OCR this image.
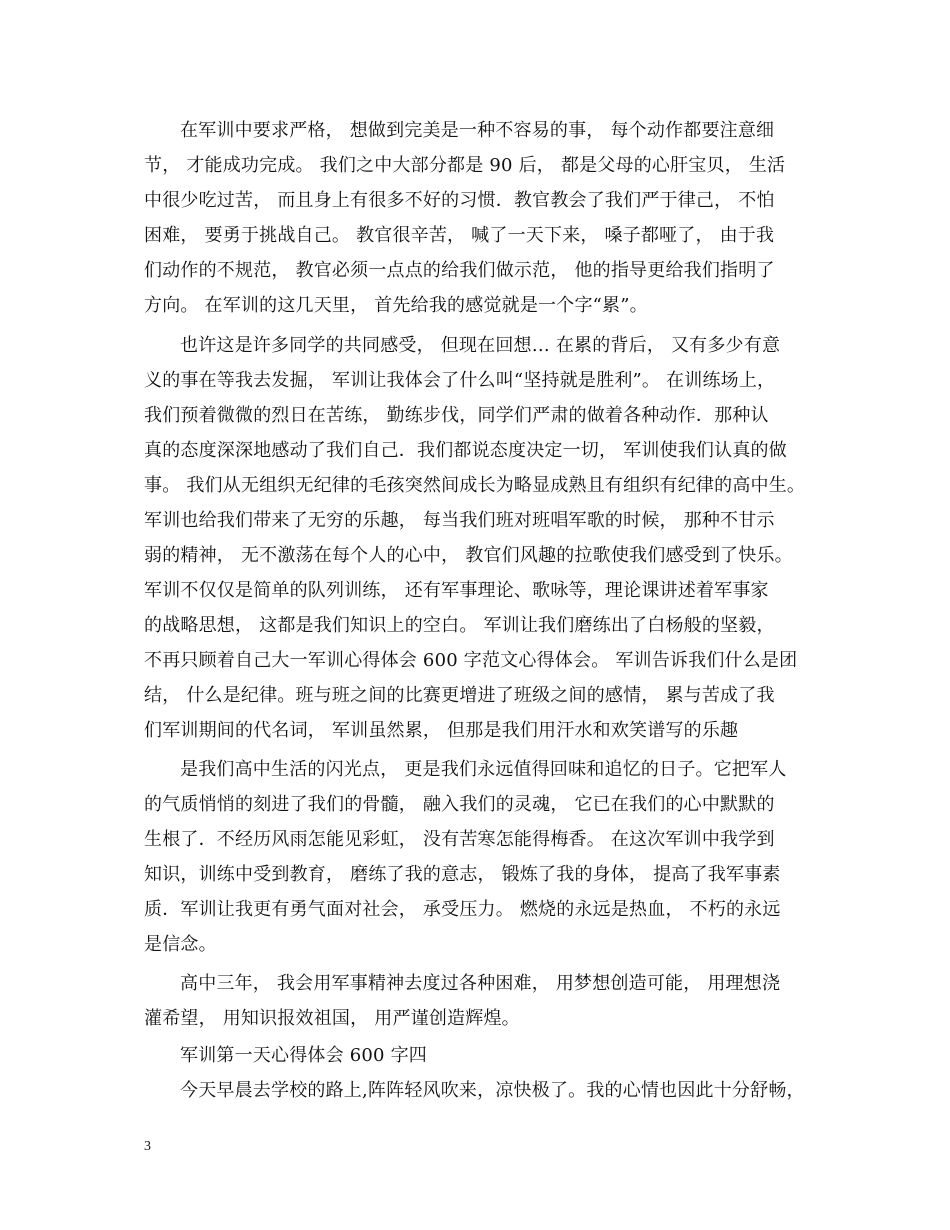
在军训中要求严格， 想做到完美是一种不容易的事， 每个动作都要注意细
节， 才能成功完成。 我们之中大部分都是 90 后， 都是父母的心肝宝贝， 生活
中很少吃过苦， 而且身上有很多不好的习惯．教官教会了我们严于律己， 不怕
困难， 要勇于挑战自己。 教官很辛苦， 喊了一天下来， 嗓子都哑了， 由于我
们动作的不规范， 教官必须一点点的给我们做示范， 他的指导更给我们指明了
方向。 在军训的这几天里， 首先给我的感觉就是一个字“累”。
也许这是许多同学的共同感受， 但现在回想… 在累的背后， 又有多少有意
义的事在等我去发掘， 军训让我体会了什么叫“坚持就是胜利”。 在训练场上，
我们预着微微的烈日在苦练， 勤练步伐，同学们严肃的做着各种动作．那种认
真的态度深深地感动了我们自己．我们都说态度决定一切， 军训使我们认真的做
事。 我们从无组织无纪律的毛孩突然间成长为略显成熟且有组织有纪律的高中生。
军训也给我们带来了无穷的乐趣， 每当我们班对班唱军歌的时候， 那种不甘示
弱的精神， 无不激荡在每个人的心中， 教官们风趣的拉歌使我们感受到了快乐。
军训不仅仅是简单的队列训练， 还有军事理论、歌咏等，理论课讲述着军事家
的战略思想， 这都是我们知识上的空白。 军训让我们磨练出了白杨般的坚毅，
不再只顾着自己大一军训心得体会 600 字范文心得体会。 军训告诉我们什么是团
结， 什么是纪律。班与班之间的比赛更增进了班级之间的感情， 累与苦成了我
们军训期间的代名词， 军训虽然累， 但那是我们用汗水和欢笑谱写的乐趣
是我们高中生活的闪光点， 更是我们永远值得回味和追忆的日子。它把军人
的气质悄悄的刻进了我们的骨髓， 融入我们的灵魂， 它已在我们的心中默默的
生根了．不经历风雨怎能见彩虹， 没有苦寒怎能得梅香。 在这次军训中我学到
知识，训练中受到教育， 磨练了我的意志， 锻炼了我的身体， 提高了我军事素
质．军训让我更有勇气面对社会， 承受压力。 燃烧的永远是热血， 不朽的永远
是信念。
高中三年， 我会用军事精神去度过各种困难， 用梦想创造可能， 用理想浇
灌希望， 用知识报效祖国， 用严谨创造辉煌。
军训第一天心得体会 600 字四
今天早晨去学校的路上,阵阵轻风吹来，凉快极了。我的心情也因此十分舒畅，
3
